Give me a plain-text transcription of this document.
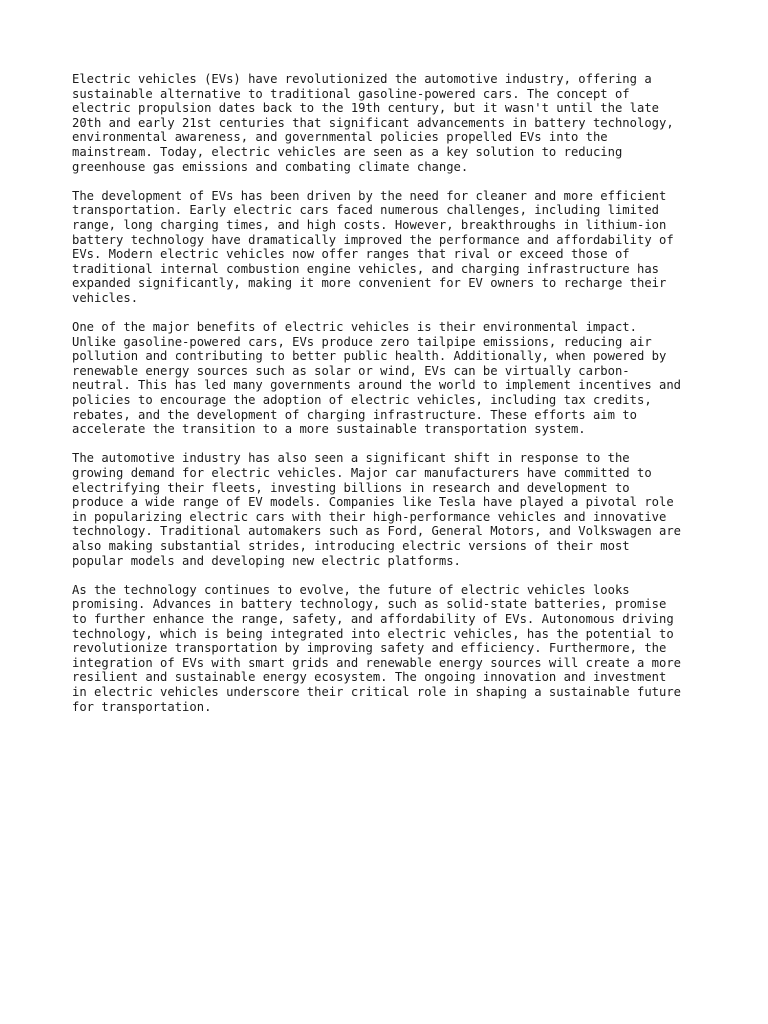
Electric vehicles (EVs) have revolutionized the automotive industry, offering a
sustainable alternative to traditional gasoline-powered cars. The concept of
electric propulsion dates back to the 19th century, but it wasn't until the late
20th and early 21st centuries that significant advancements in battery technology,
environmental awareness, and governmental policies propelled EVs into the
mainstream. Today, electric vehicles are seen as a key solution to reducing
greenhouse gas emissions and combating climate change.

The development of EVs has been driven by the need for cleaner and more efficient
transportation. Early electric cars faced numerous challenges, including limited
range, long charging times, and high costs. However, breakthroughs in lithium-ion
battery technology have dramatically improved the performance and affordability of
EVs. Modern electric vehicles now offer ranges that rival or exceed those of
traditional internal combustion engine vehicles, and charging infrastructure has
expanded significantly, making it more convenient for EV owners to recharge their
vehicles.

One of the major benefits of electric vehicles is their environmental impact.
Unlike gasoline-powered cars, EVs produce zero tailpipe emissions, reducing air
pollution and contributing to better public health. Additionally, when powered by
renewable energy sources such as solar or wind, EVs can be virtually carbon-
neutral. This has led many governments around the world to implement incentives and
policies to encourage the adoption of electric vehicles, including tax credits,
rebates, and the development of charging infrastructure. These efforts aim to
accelerate the transition to a more sustainable transportation system.

The automotive industry has also seen a significant shift in response to the
growing demand for electric vehicles. Major car manufacturers have committed to
electrifying their fleets, investing billions in research and development to
produce a wide range of EV models. Companies like Tesla have played a pivotal role
in popularizing electric cars with their high-performance vehicles and innovative
technology. Traditional automakers such as Ford, General Motors, and Volkswagen are
also making substantial strides, introducing electric versions of their most
popular models and developing new electric platforms.

As the technology continues to evolve, the future of electric vehicles looks
promising. Advances in battery technology, such as solid-state batteries, promise
to further enhance the range, safety, and affordability of EVs. Autonomous driving
technology, which is being integrated into electric vehicles, has the potential to
revolutionize transportation by improving safety and efficiency. Furthermore, the
integration of EVs with smart grids and renewable energy sources will create a more
resilient and sustainable energy ecosystem. The ongoing innovation and investment
in electric vehicles underscore their critical role in shaping a sustainable future
for transportation.
